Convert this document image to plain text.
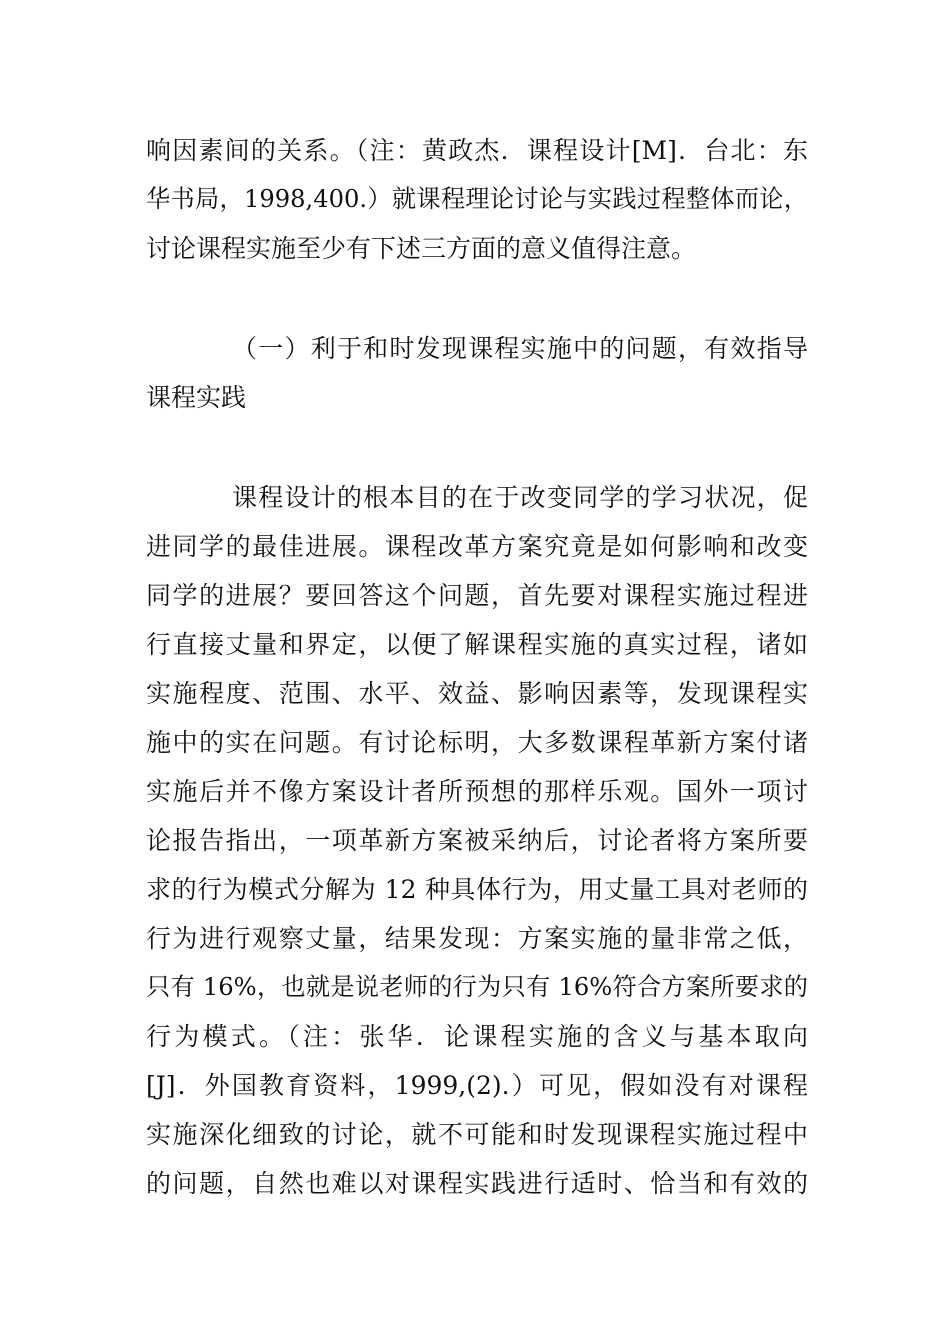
响因素间的关系。（注：黄政杰．课程设计[M]．台北：东
华书局，1998,400.）就课程理论讨论与实践过程整体而论，
讨论课程实施至少有下述三方面的意义值得注意。
（一）利于和时发现课程实施中的问题，有效指导
课程实践
课程设计的根本目的在于改变同学的学习状况，促
进同学的最佳进展。课程改革方案究竟是如何影响和改变
同学的进展？要回答这个问题，首先要对课程实施过程进
行直接丈量和界定，以便了解课程实施的真实过程，诸如
实施程度、范围、水平、效益、影响因素等，发现课程实
施中的实在问题。有讨论标明，大多数课程革新方案付诸
实施后并不像方案设计者所预想的那样乐观。国外一项讨
论报告指出，一项革新方案被采纳后，讨论者将方案所要
求的行为模式分解为 12 种具体行为，用丈量工具对老师的
行为进行观察丈量，结果发现：方案实施的量非常之低，
只有 16%，也就是说老师的行为只有 16%符合方案所要求的
行为模式。（注：张华．论课程实施的含义与基本取向
[J]．外国教育资料，1999,(2).）可见，假如没有对课程
实施深化细致的讨论，就不可能和时发现课程实施过程中
的问题，自然也难以对课程实践进行适时、恰当和有效的
